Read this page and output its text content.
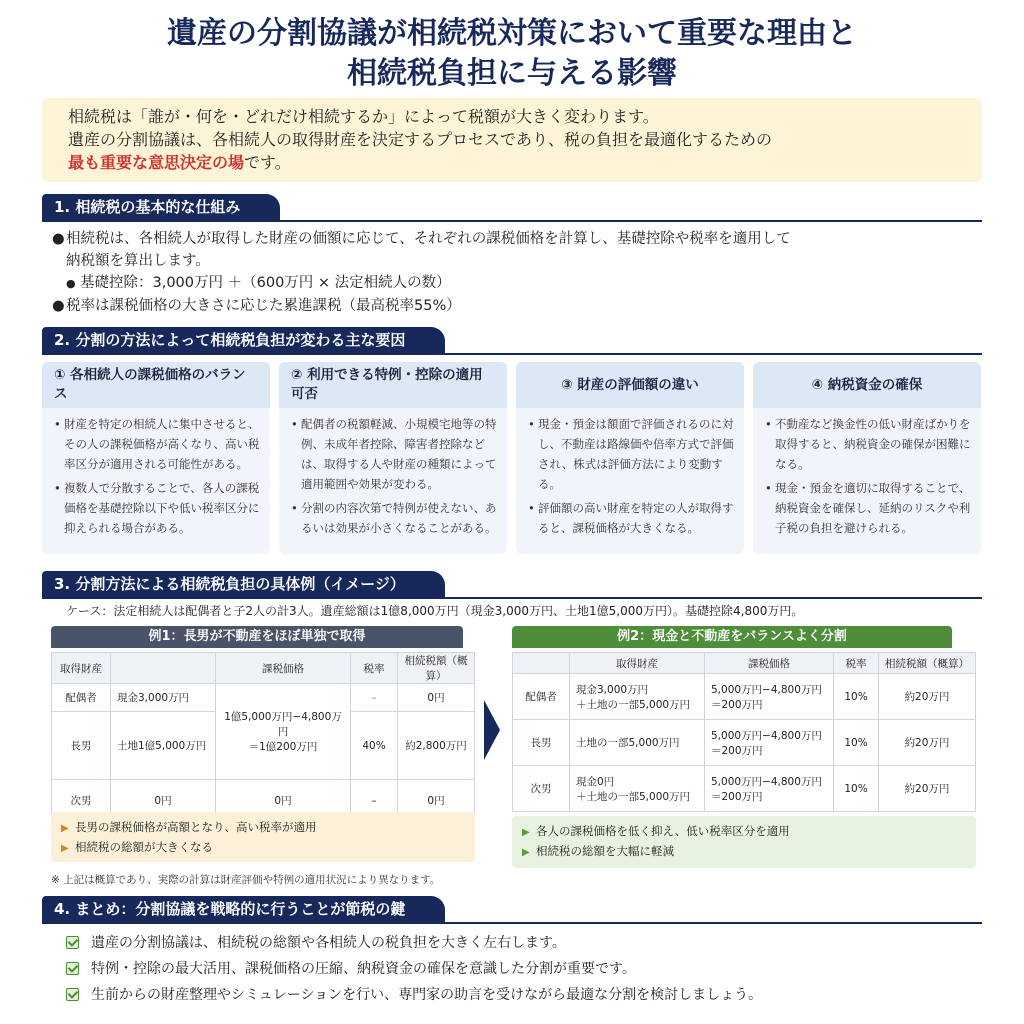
遺産の分割協議が相続税対策において重要な理由と
相続税負担に与える影響
相続税は「誰が・何を・どれだけ相続するか」によって税額が大きく変わります。
遺産の分割協議は、各相続人の取得財産を決定するプロセスであり、税の負担を最適化するための
最も重要な意思決定の場です。
1. 相続税の基本的な仕組み
●相続税は、各相続人が取得した財産の価額に応じて、それぞれの課税価格を計算し、基礎控除や税率を適用して
納税額を算出します。
● 基礎控除：3,000万円 ＋（600万円 × 法定相続人の数）
●税率は課税価格の大きさに応じた累進課税（最高税率55%）
2. 分割の方法によって相続税負担が変わる主な要因
① 各相続人の課税価格のバランス
• 財産を特定の相続人に集中させると、その人の課税価格が高くなり、高い税率区分が適用される可能性がある。
• 複数人で分散することで、各人の課税価格を基礎控除以下や低い税率区分に抑えられる場合がある。
② 利用できる特例・控除の適用可否
• 配偶者の税額軽減、小規模宅地等の特例、未成年者控除、障害者控除などは、取得する人や財産の種類によって適用範囲や効果が変わる。
• 分割の内容次第で特例が使えない、あるいは効果が小さくなることがある。
③ 財産の評価額の違い
• 現金・預金は額面で評価されるのに対し、不動産は路線価や倍率方式で評価され、株式は評価方法により変動する。
• 評価額の高い財産を特定の人が取得すると、課税価格が大きくなる。
④ 納税資金の確保
• 不動産など換金性の低い財産ばかりを取得すると、納税資金の確保が困難になる。
• 現金・預金を適切に取得することで、納税資金を確保し、延納のリスクや利子税の負担を避けられる。
3. 分割方法による相続税負担の具体例（イメージ）
ケース：法定相続人は配偶者と子2人の計3人。遺産総額は1億8,000万円（現金3,000万円、土地1億5,000万円）。基礎控除4,800万円。
例1：長男が不動産をほぼ単独で取得
取得財産		課税価格	税率	相続税額（概算）
配偶者	現金3,000万円	1億5,000万円−4,800万円
＝1億200万円	–	0円
長男	土地1億5,000万円		40%	約2,800万円
次男	0円	0円	–	0円
▶ 長男の課税価格が高額となり、高い税率が適用
▶ 相続税の総額が大きくなる
※ 上記は概算であり、実際の計算は財産評価や特例の適用状況により異なります。
例2：現金と不動産をバランスよく分割
	取得財産	課税価格	税率	相続税額（概算）
配偶者	現金3,000万円
＋土地の一部5,000万円	5,000万円−4,800万円
＝200万円	10%	約20万円
長男	土地の一部5,000万円	5,000万円−4,800万円
＝200万円	10%	約20万円
次男	現金0円
＋土地の一部5,000万円	5,000万円−4,800万円
＝200万円	10%	約20万円
▶ 各人の課税価格を低く抑え、低い税率区分を適用
▶ 相続税の総額を大幅に軽減
4. まとめ：分割協議を戦略的に行うことが節税の鍵
遺産の分割協議は、相続税の総額や各相続人の税負担を大きく左右します。
特例・控除の最大活用、課税価格の圧縮、納税資金の確保を意識した分割が重要です。
生前からの財産整理やシミュレーションを行い、専門家の助言を受けながら最適な分割を検討しましょう。
